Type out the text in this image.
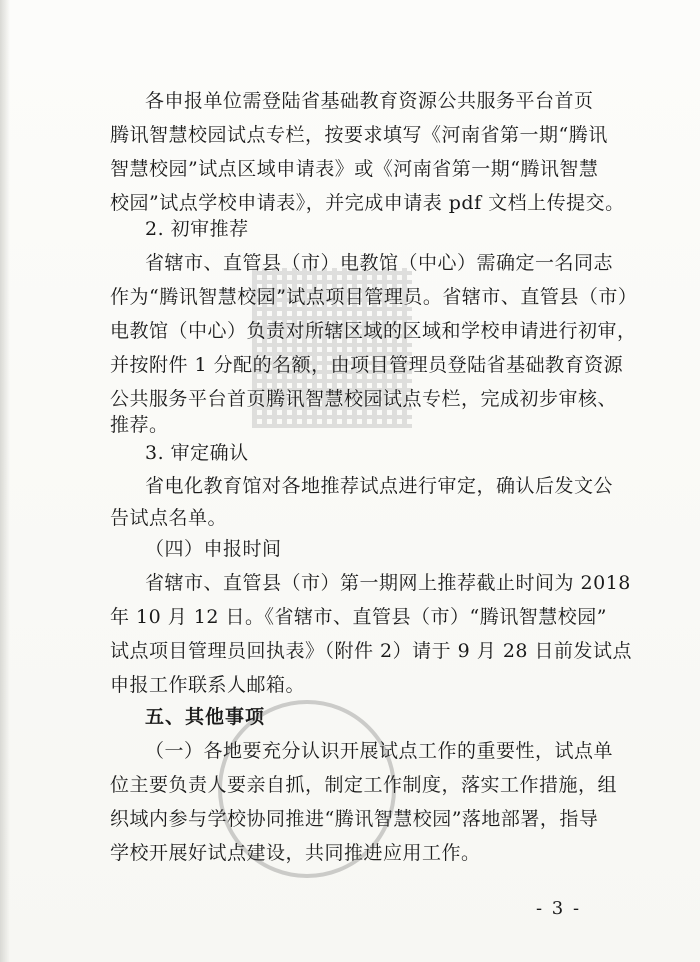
各申报单位需登陆省基础教育资源公共服务平台首页
腾讯智慧校园试点专栏，按要求填写《河南省第一期“腾讯
智慧校园”试点区域申请表》或《河南省第一期“腾讯智慧
校园”试点学校申请表》，并完成申请表 pdf 文档上传提交。
2. 初审推荐
省辖市、直管县（市）电教馆（中心）需确定一名同志
作为“腾讯智慧校园”试点项目管理员。省辖市、直管县（市）
电教馆（中心）负责对所辖区域的区域和学校申请进行初审，
并按附件 1 分配的名额，由项目管理员登陆省基础教育资源
公共服务平台首页腾讯智慧校园试点专栏，完成初步审核、
推荐。
3. 审定确认
省电化教育馆对各地推荐试点进行审定，确认后发文公
告试点名单。
（四）申报时间
省辖市、直管县（市）第一期网上推荐截止时间为 2018
年 10 月 12 日。《省辖市、直管县（市）“腾讯智慧校园”
试点项目管理员回执表》（附件 2）请于 9 月 28 日前发试点
申报工作联系人邮箱。
五、其他事项
（一）各地要充分认识开展试点工作的重要性，试点单
位主要负责人要亲自抓，制定工作制度，落实工作措施，组
织域内参与学校协同推进“腾讯智慧校园”落地部署，指导
学校开展好试点建设，共同推进应用工作。
- 3 -
